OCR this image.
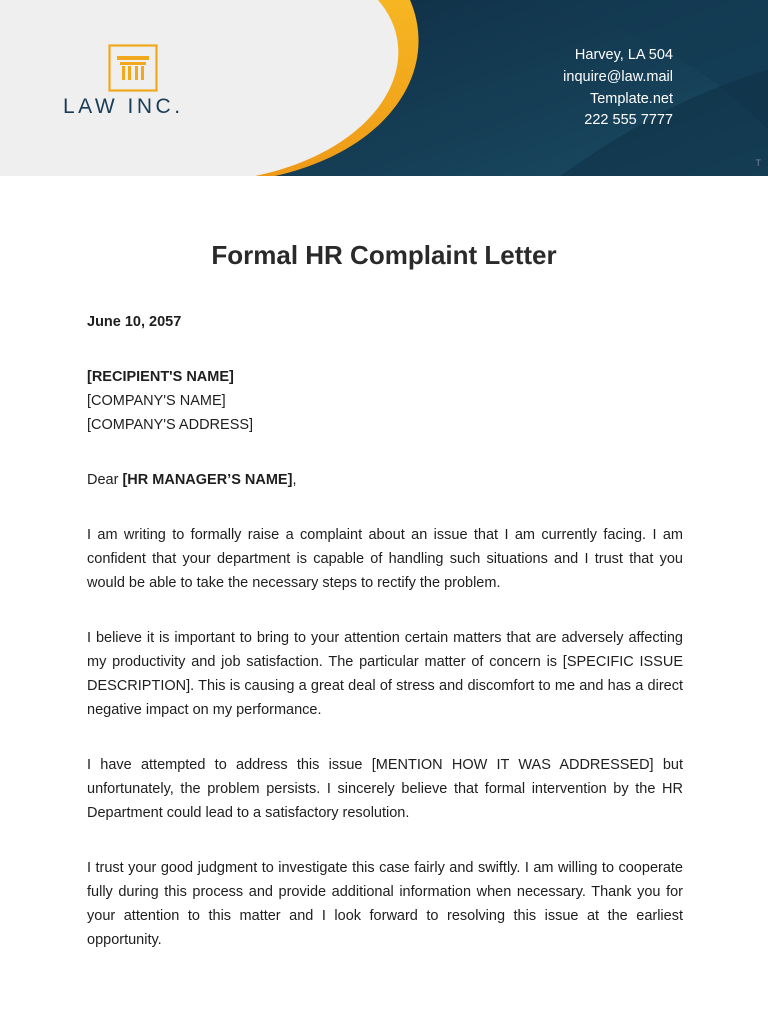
LAW INC.
Harvey, LA 504
inquire@law.mail
Template.net
222 555 7777
T
Formal HR Complaint Letter
June 10, 2057
[RECIPIENT'S NAME]
[COMPANY'S NAME]
[COMPANY'S ADDRESS]
Dear [HR MANAGER’S NAME],
I am writing to formally raise a complaint about an issue that I am currently facing. I am confident that your department is capable of handling such situations and I trust that you would be able to take the necessary steps to rectify the problem.
I believe it is important to bring to your attention certain matters that are adversely affecting my productivity and job satisfaction. The particular matter of concern is [SPECIFIC ISSUE DESCRIPTION]. This is causing a great deal of stress and discomfort to me and has a direct negative impact on my performance.
I have attempted to address this issue [MENTION HOW IT WAS ADDRESSED] but unfortunately, the problem persists. I sincerely believe that formal intervention by the HR Department could lead to a satisfactory resolution.
I trust your good judgment to investigate this case fairly and swiftly. I am willing to cooperate fully during this process and provide additional information when necessary. Thank you for your attention to this matter and I look forward to resolving this issue at the earliest opportunity.
